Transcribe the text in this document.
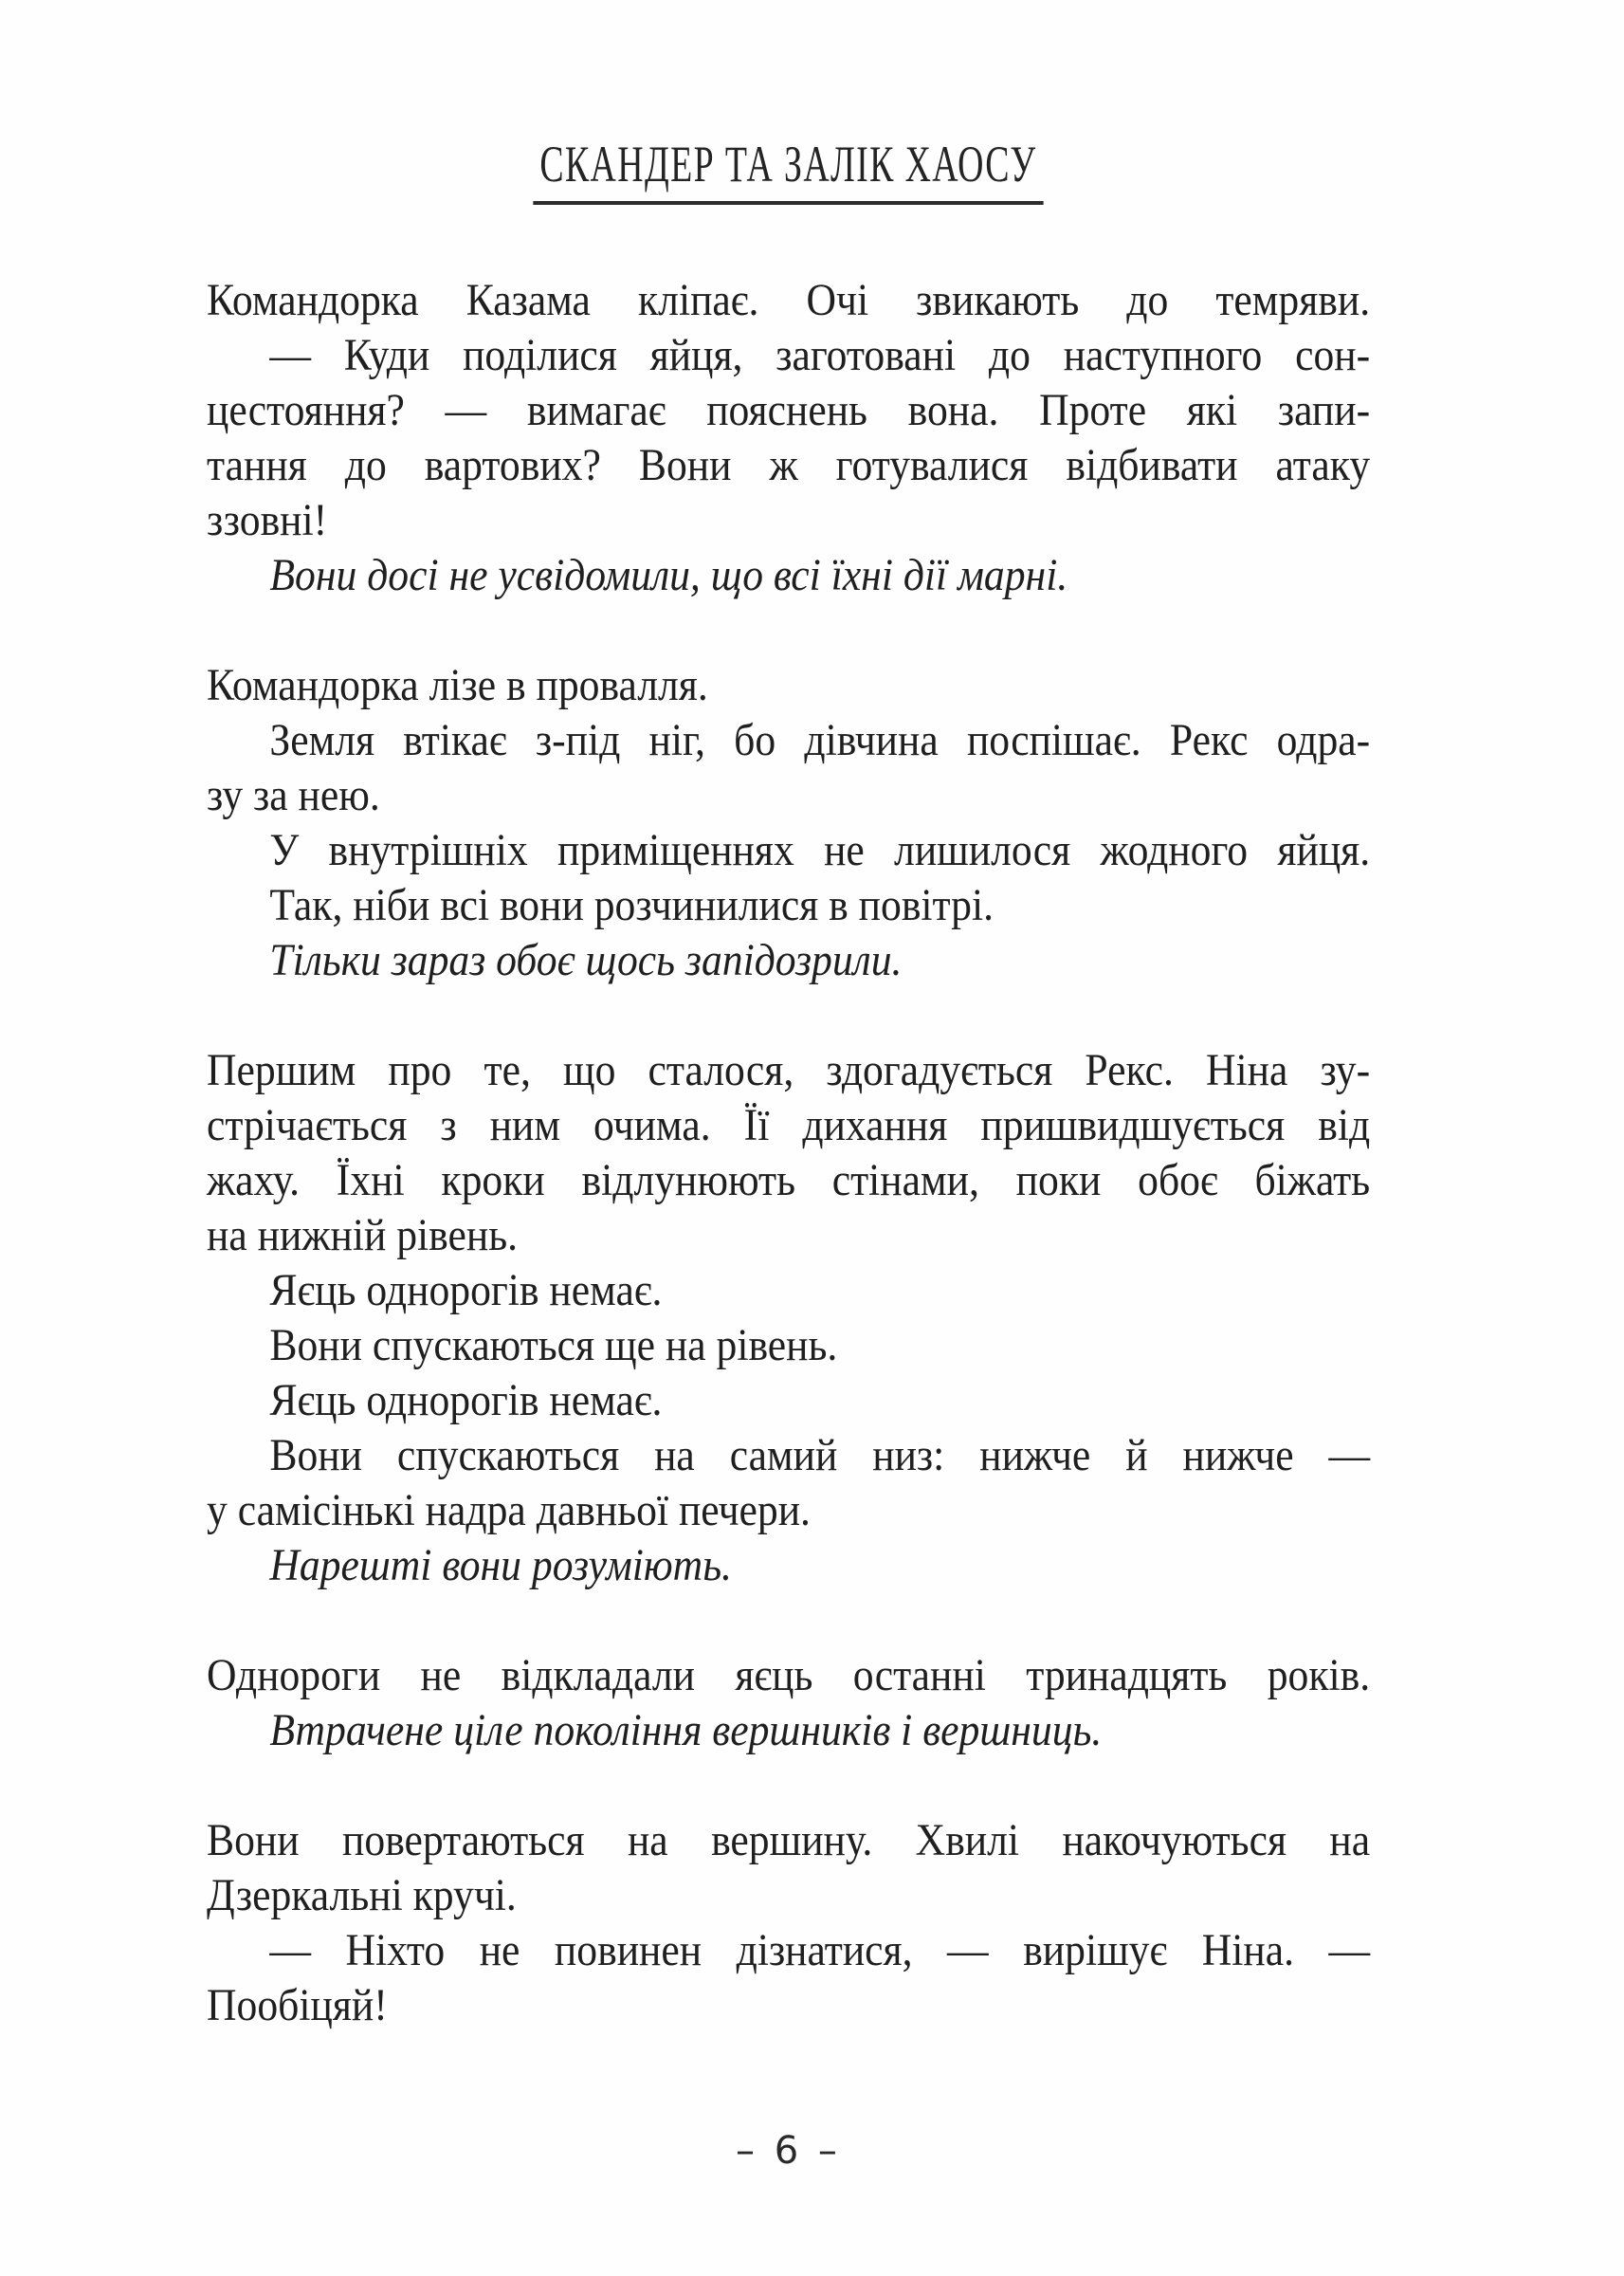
СКАНДЕР ТА ЗАЛІК ХАОСУ
Командорка Казама кліпає. Очі звикають до темряви.
— Куди поділися яйця, заготовані до наступного сон-
цестояння? — вимагає пояснень вона. Проте які запи-
тання до вартових? Вони ж готувалися відбивати атаку
ззовні!
Вони досі не усвідомили, що всі їхні дії марні.
Командорка лізе в провалля.
Земля втікає з-під ніг, бо дівчина поспішає. Рекс одра-
зу за нею.
У внутрішніх приміщеннях не лишилося жодного яйця.
Так, ніби всі вони розчинилися в повітрі.
Тільки зараз обоє щось запідозрили.
Першим про те, що сталося, здогадується Рекс. Ніна зу-
стрічається з ним очима. Її дихання пришвидшується від
жаху. Їхні кроки відлунюють стінами, поки обоє біжать
на нижній рівень.
Яєць однорогів немає.
Вони спускаються ще на рівень.
Яєць однорогів немає.
Вони спускаються на самий низ: нижче й нижче —
у самісінькі надра давньої печери.
Нарешті вони розуміють.
Однороги не відкладали яєць останні тринадцять років.
Втрачене ціле покоління вершників і вершниць.
Вони повертаються на вершину. Хвилі накочуються на
Дзеркальні кручі.
— Ніхто не повинен дізнатися, — вирішує Ніна. —
Пообіцяй!
– 6 –
